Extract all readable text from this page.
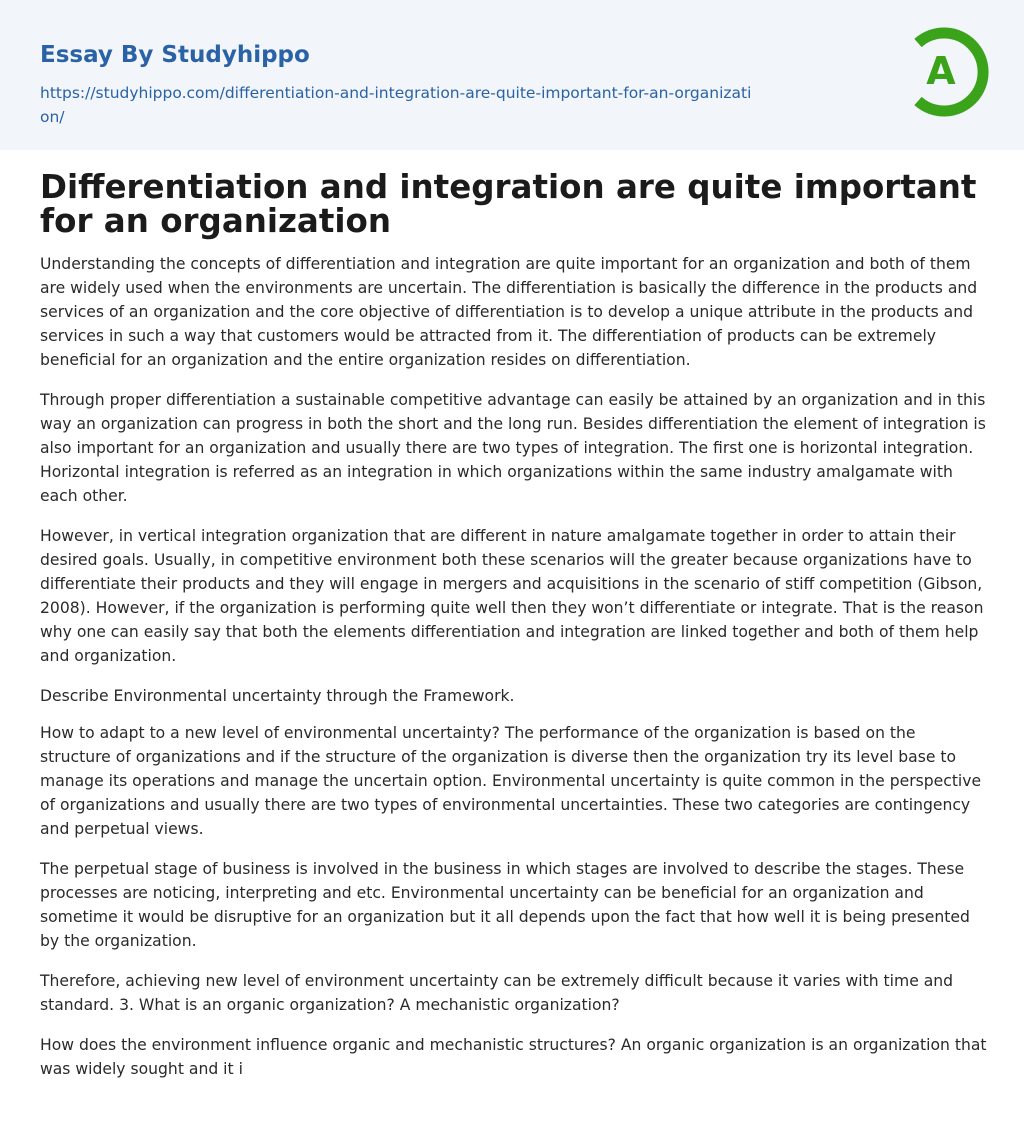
Essay By Studyhippo
https://studyhippo.com/differentiation-and-integration-are-quite-important-for-an-organization/
A
Differentiation and integration are quite important for an organization

Understanding the concepts of differentiation and integration are quite important for an organization and both of them are widely used when the environments are uncertain. The differentiation is basically the difference in the products and services of an organization and the core objective of differentiation is to develop a unique attribute in the products and services in such a way that customers would be attracted from it. The differentiation of products can be extremely beneficial for an organization and the entire organization resides on differentiation.

Through proper differentiation a sustainable competitive advantage can easily be attained by an organization and in this way an organization can progress in both the short and the long run. Besides differentiation the element of integration is also important for an organization and usually there are two types of integration. The first one is horizontal integration. Horizontal integration is referred as an integration in which organizations within the same industry amalgamate with each other.

However, in vertical integration organization that are different in nature amalgamate together in order to attain their desired goals. Usually, in competitive environment both these scenarios will the greater because organizations have to differentiate their products and they will engage in mergers and acquisitions in the scenario of stiff competition (Gibson, 2008). However, if the organization is performing quite well then they won’t differentiate or integrate. That is the reason why one can easily say that both the elements differentiation and integration are linked together and both of them help and organization.

Describe Environmental uncertainty through the Framework.

How to adapt to a new level of environmental uncertainty? The performance of the organization is based on the structure of organizations and if the structure of the organization is diverse then the organization try its level base to manage its operations and manage the uncertain option. Environmental uncertainty is quite common in the perspective of organizations and usually there are two types of environmental uncertainties. These two categories are contingency and perpetual views.

The perpetual stage of business is involved in the business in which stages are involved to describe the stages. These processes are noticing, interpreting and etc. Environmental uncertainty can be beneficial for an organization and sometime it would be disruptive for an organization but it all depends upon the fact that how well it is being presented by the organization.

Therefore, achieving new level of environment uncertainty can be extremely difficult because it varies with time and standard. 3. What is an organic organization? A mechanistic organization?

How does the environment influence organic and mechanistic structures? An organic organization is an organization that was widely sought and it i
